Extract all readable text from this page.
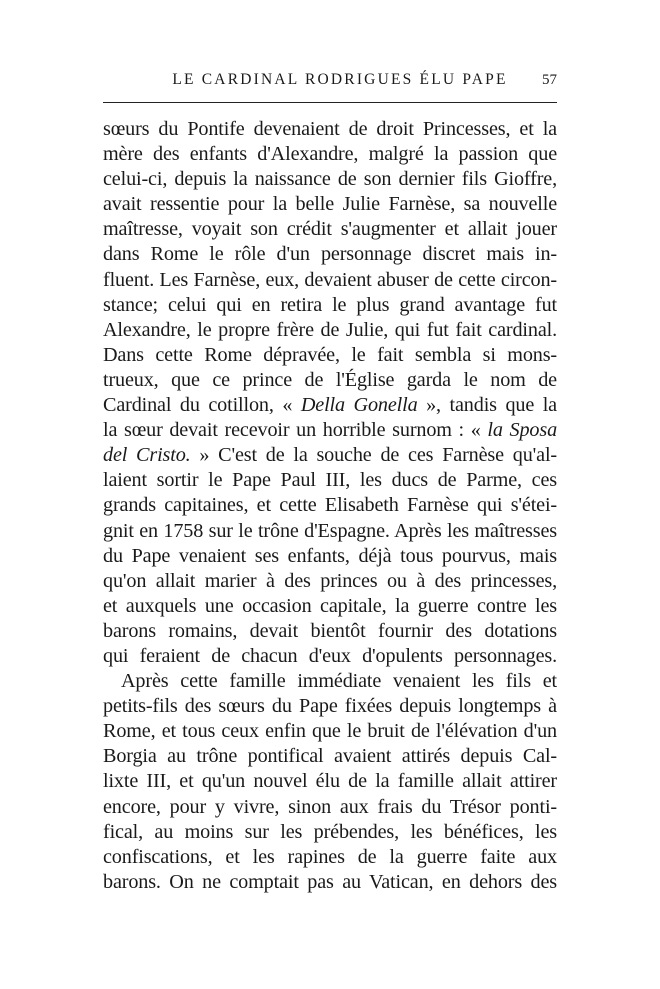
LE CARDINAL RODRIGUES ÉLU PAPE	57
sœurs du Pontife devenaient de droit Princesses, et la
mère des enfants d'Alexandre, malgré la passion que
celui-ci, depuis la naissance de son dernier fils Gioffre,
avait ressentie pour la belle Julie Farnèse, sa nouvelle
maîtresse, voyait son crédit s'augmenter et allait jouer
dans Rome le rôle d'un personnage discret mais in-
fluent. Les Farnèse, eux, devaient abuser de cette circon-
stance; celui qui en retira le plus grand avantage fut
Alexandre, le propre frère de Julie, qui fut fait cardinal.
Dans cette Rome dépravée, le fait sembla si mons-
trueux, que ce prince de l'Église garda le nom de
Cardinal du cotillon, « Della Gonella », tandis que la
la sœur devait recevoir un horrible surnom : « la Sposa
del Cristo. » C'est de la souche de ces Farnèse qu'al-
laient sortir le Pape Paul III, les ducs de Parme, ces
grands capitaines, et cette Elisabeth Farnèse qui s'étei-
gnit en 1758 sur le trône d'Espagne. Après les maîtresses
du Pape venaient ses enfants, déjà tous pourvus, mais
qu'on allait marier à des princes ou à des princesses,
et auxquels une occasion capitale, la guerre contre les
barons romains, devait bientôt fournir des dotations
qui feraient de chacun d'eux d'opulents personnages.
Après cette famille immédiate venaient les fils et
petits-fils des sœurs du Pape fixées depuis longtemps à
Rome, et tous ceux enfin que le bruit de l'élévation d'un
Borgia au trône pontifical avaient attirés depuis Cal-
lixte III, et qu'un nouvel élu de la famille allait attirer
encore, pour y vivre, sinon aux frais du Trésor ponti-
fical, au moins sur les prébendes, les bénéfices, les
confiscations, et les rapines de la guerre faite aux
barons. On ne comptait pas au Vatican, en dehors des
